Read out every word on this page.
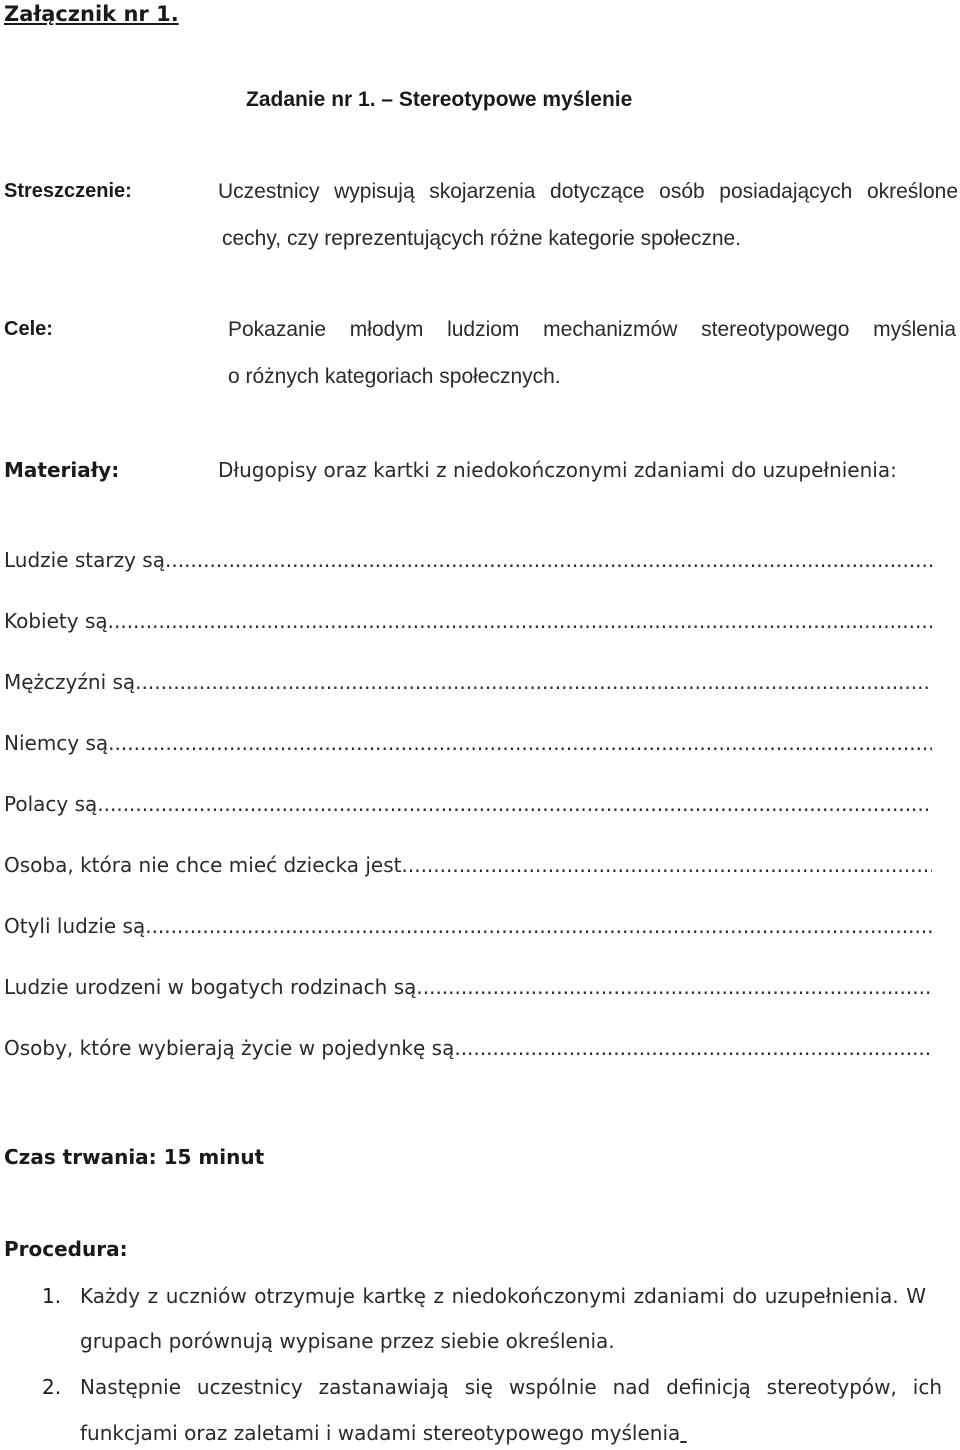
Załącznik nr 1.
Zadanie nr 1. – Stereotypowe myślenie
Streszczenie:	Uczestnicy wypisują skojarzenia dotyczące osób posiadających określone
cechy, czy reprezentujących różne kategorie społeczne.
Cele:	Pokazanie młodym ludziom mechanizmów stereotypowego myślenia
o różnych kategoriach społecznych.
Materiały:	Długopisy oraz kartki z niedokończonymi zdaniami do uzupełnienia:
Ludzie starzy są
.....
Kobiety są
.....
Mężczyźni są
.....
Niemcy są
.....
Polacy są
.....
Osoba, która nie chce mieć dziecka jest
.....
Otyli ludzie są
.....
Ludzie urodzeni w bogatych rodzinach są
.....
Osoby, które wybierają życie w pojedynkę są
.....
Czas trwania: 15 minut
Procedura:
1. Każdy z uczniów otrzymuje kartkę z niedokończonymi zdaniami do uzupełnienia. W
grupach porównują wypisane przez siebie określenia.
2. Następnie uczestnicy zastanawiają się wspólnie nad definicją stereotypów, ich
funkcjami oraz zaletami i wadami stereotypowego myślenia
